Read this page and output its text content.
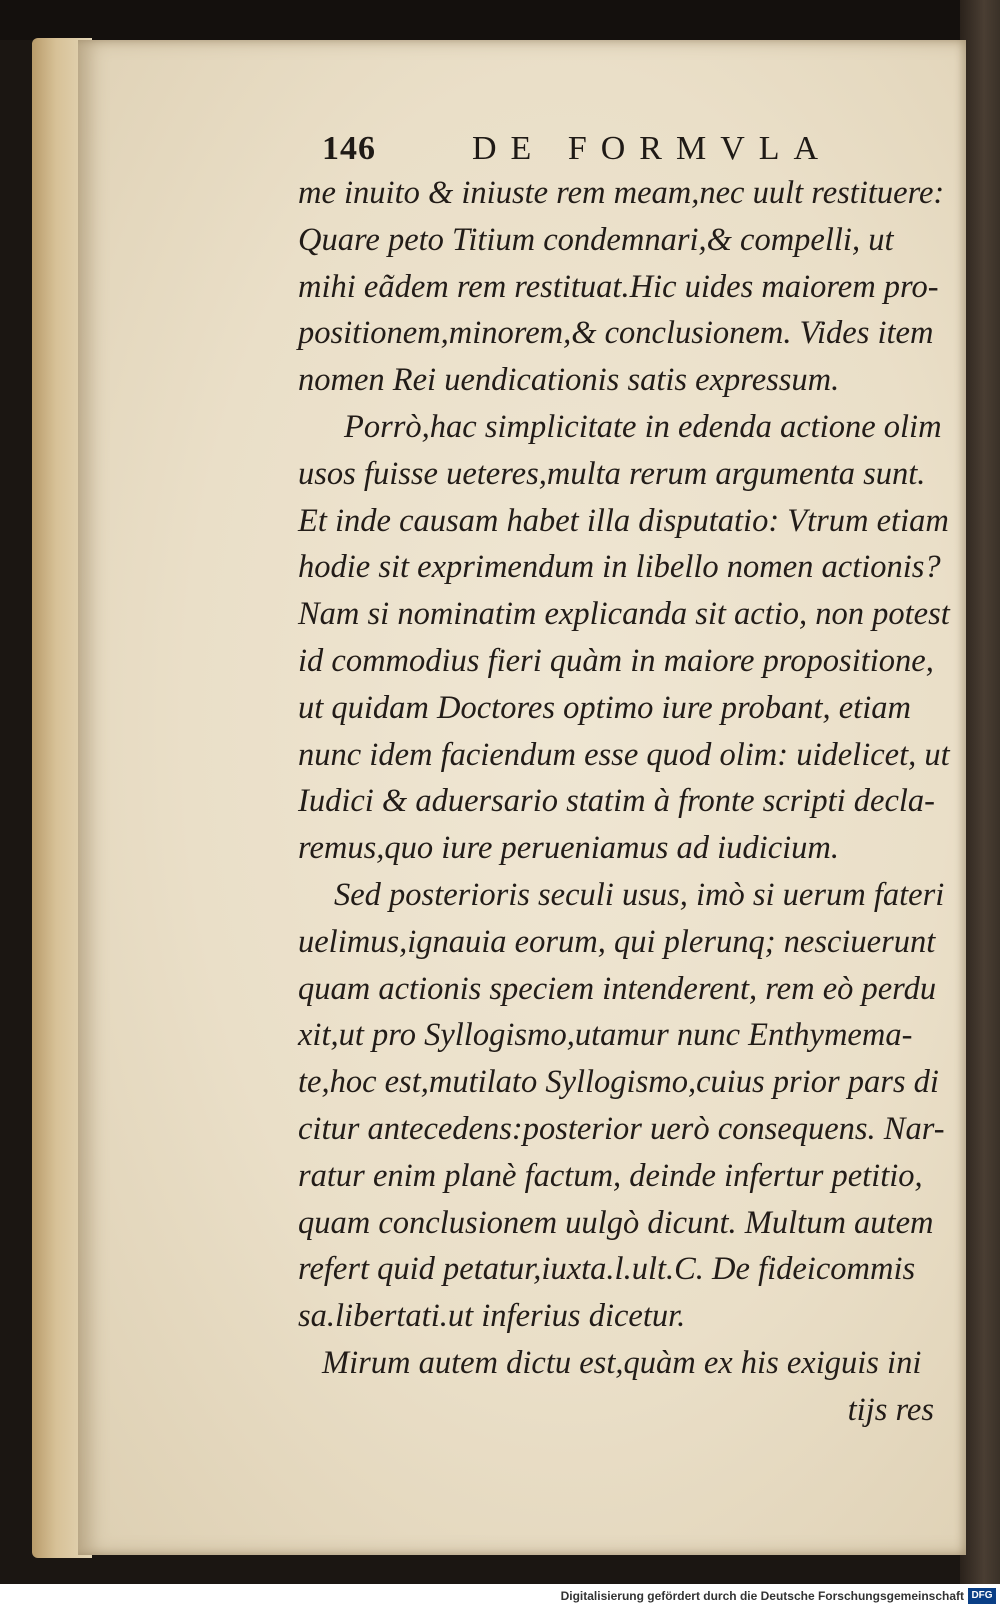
146	DE FORMVLA
me inuito & iniuste rem meam,nec uult restituere:
Quare peto Titium condemnari,& compelli, ut
mihi eãdem rem restituat.Hic uides maiorem pro-
positionem,minorem,& conclusionem. Vides item
nomen Rei uendicationis satis expressum.
Porrò,hac simplicitate in edenda actione olim
usos fuisse ueteres,multa rerum argumenta sunt.
Et inde causam habet illa disputatio: Vtrum etiam
hodie sit exprimendum in libello nomen actionis?
Nam si nominatim explicanda sit actio, non potest
id commodius fieri quàm in maiore propositione,
ut quidam Doctores optimo iure probant, etiam
nunc idem faciendum esse quod olim: uidelicet, ut
Iudici & aduersario statim à fronte scripti decla-
remus,quo iure perueniamus ad iudicium.
Sed posterioris seculi usus, imò si uerum fateri
uelimus,ignauia eorum, qui plerunq; nesciuerunt
quam actionis speciem intenderent, rem eò perdu
xit,ut pro Syllogismo,utamur nunc Enthymema-
te,hoc est,mutilato Syllogismo,cuius prior pars di
citur antecedens:posterior uerò consequens. Nar-
ratur enim planè factum, deinde infertur petitio,
quam conclusionem uulgò dicunt. Multum autem
refert quid petatur,iuxta.l.ult.C. De fideicommis
sa.libertati.ut inferius dicetur.
Mirum autem dictu est,quàm ex his exiguis ini
tijs res
Digitalisierung gefördert durch die Deutsche Forschungsgemeinschaft DFG
